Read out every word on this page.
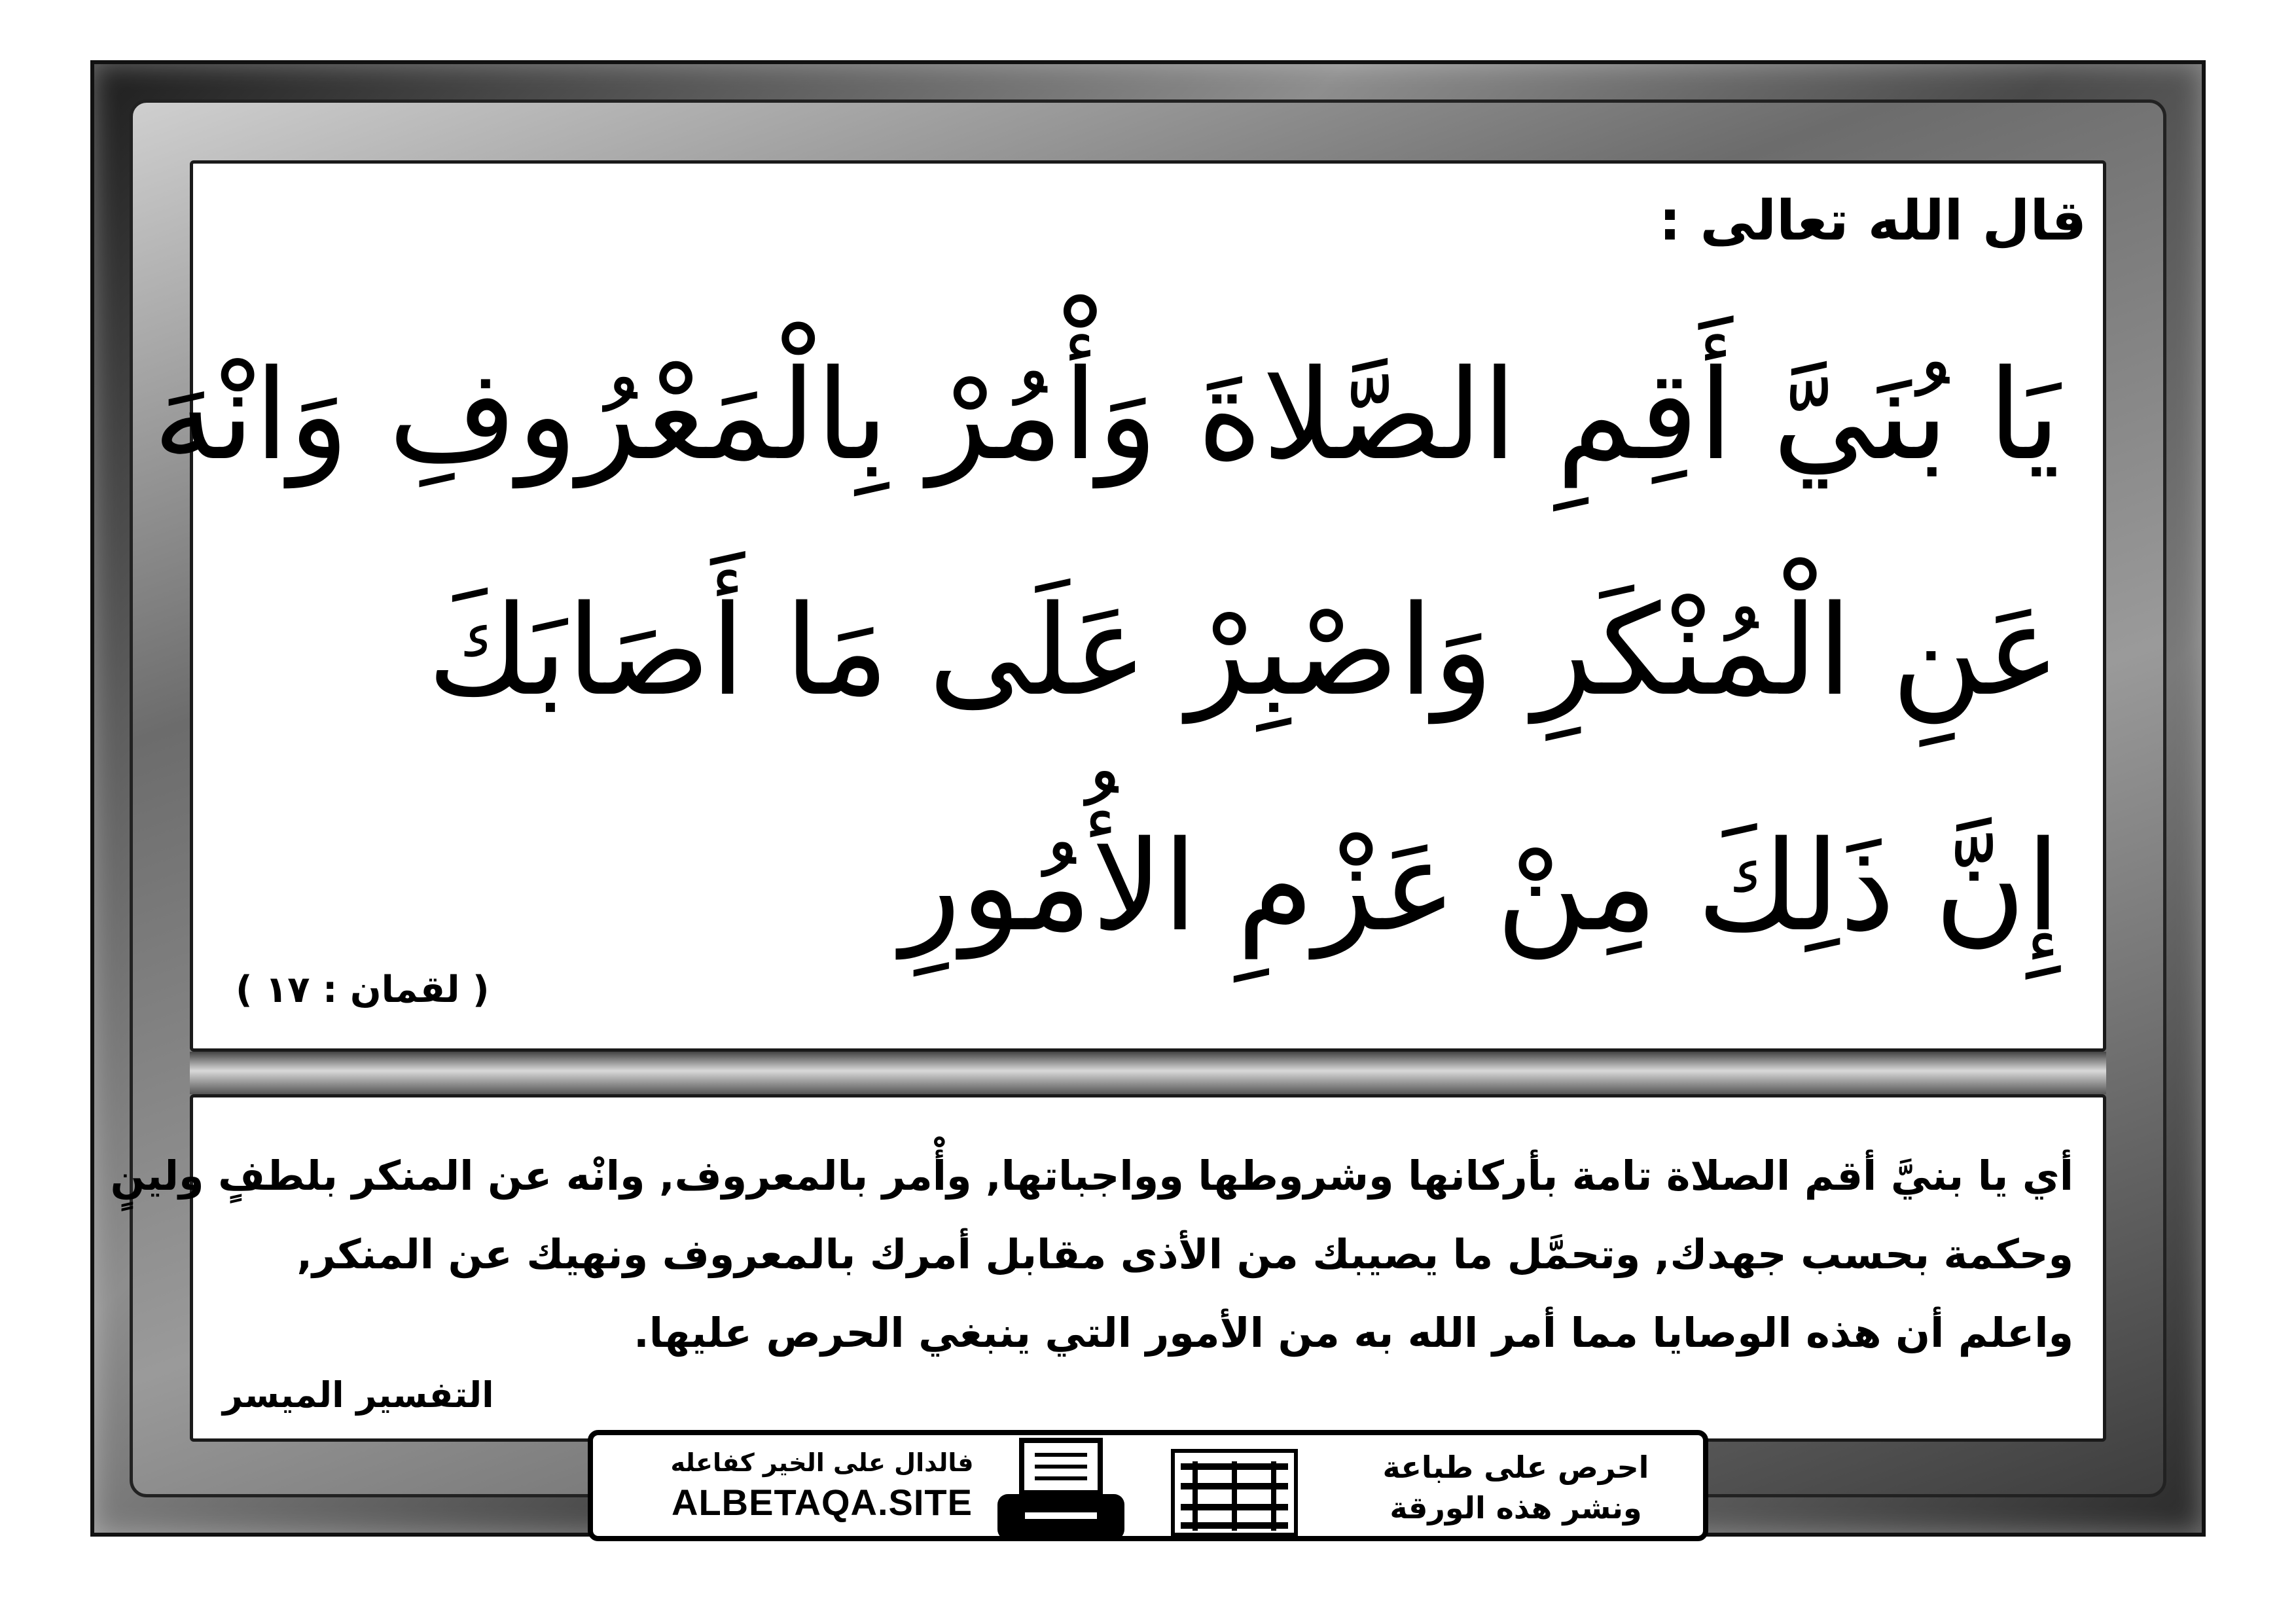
قال الله تعالى :
يَا بُنَيَّ أَقِمِ الصَّلاةَ وَأْمُرْ بِالْمَعْرُوفِ وَانْهَ
عَنِ الْمُنْكَرِ وَاصْبِرْ عَلَى مَا أَصَابَكَ
إِنَّ ذَلِكَ مِنْ عَزْمِ الأُمُورِ
( لقمان : ١٧ )
أي يا بنيَّ أقم الصلاة تامة بأركانها وشروطها وواجباتها, وأْمر بالمعروف, وانْه عن المنكر بلطفٍ ولينٍ
وحكمة بحسب جهدك, وتحمَّل ما يصيبك من الأذى مقابل أمرك بالمعروف ونهيك عن المنكر,
واعلم أن هذه الوصايا مما أمر الله به من الأمور التي ينبغي الحرص عليها.
التفسير الميسر
فالدال على الخير كفاعله
ALBETAQA.SITE
احرص على طباعة
ونشر هذه الورقة
